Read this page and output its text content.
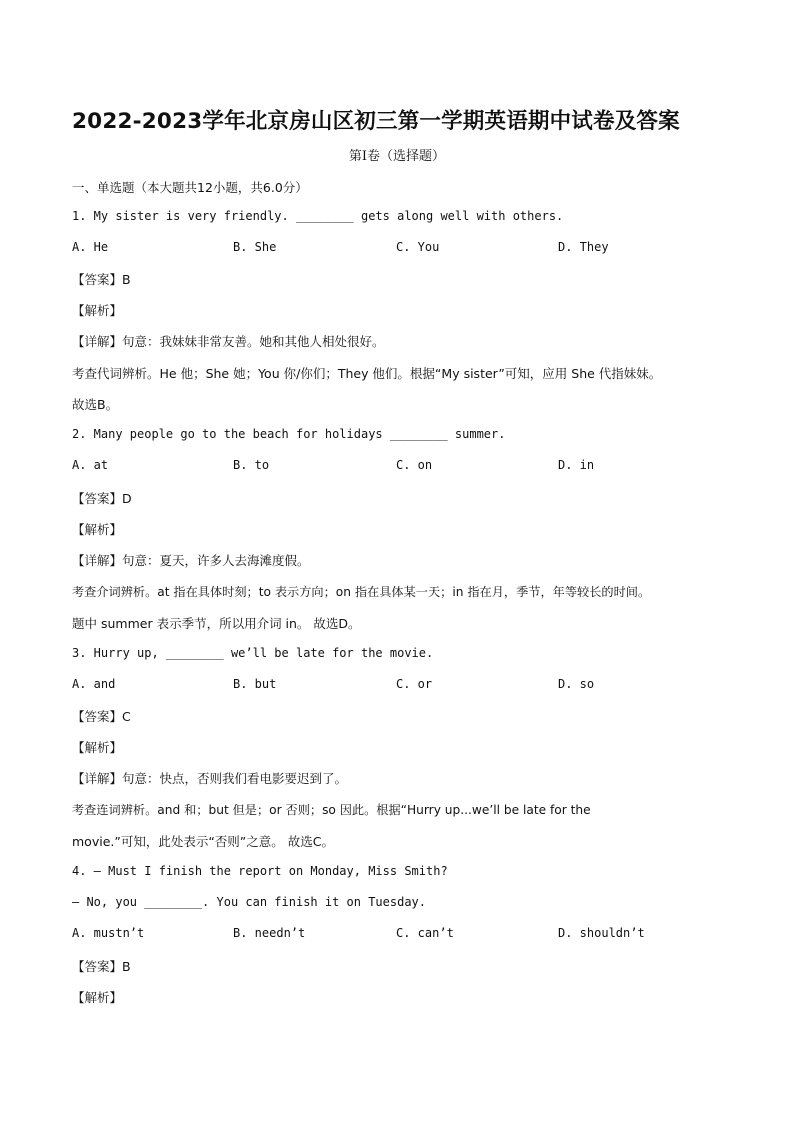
2022-2023学年北京房山区初三第一学期英语期中试卷及答案
第I卷（选择题）
一、单选题（本大题共12小题，共6.0分）
1. My sister is very friendly. ________ gets along well with others.
A. He	B. She	C. You	D. They
【答案】B
【解析】
【详解】句意：我妹妹非常友善。她和其他人相处很好。
考查代词辨析。He 他；She 她；You 你/你们；They 他们。根据“My sister”可知，应用 She 代指妹妹。
故选B。
2. Many people go to the beach for holidays ________ summer.
A. at	B. to	C. on	D. in
【答案】D
【解析】
【详解】句意：夏天，许多人去海滩度假。
考查介词辨析。at 指在具体时刻；to 表示方向；on 指在具体某一天；in 指在月，季节，年等较长的时间。
题中 summer 表示季节，所以用介词 in。 故选D。
3. Hurry up, ________ we’ll be late for the movie.
A. and	B. but	C. or	D. so
【答案】C
【解析】
【详解】句意：快点，否则我们看电影要迟到了。
考查连词辨析。and 和；but 但是；or 否则；so 因此。根据“Hurry up...we’ll be late for the
movie.”可知，此处表示“否则”之意。 故选C。
4. — Must I finish the report on Monday, Miss Smith?
— No, you ________. You can finish it on Tuesday.
A. mustn’t	B. needn’t	C. can’t	D. shouldn’t
【答案】B
【解析】
